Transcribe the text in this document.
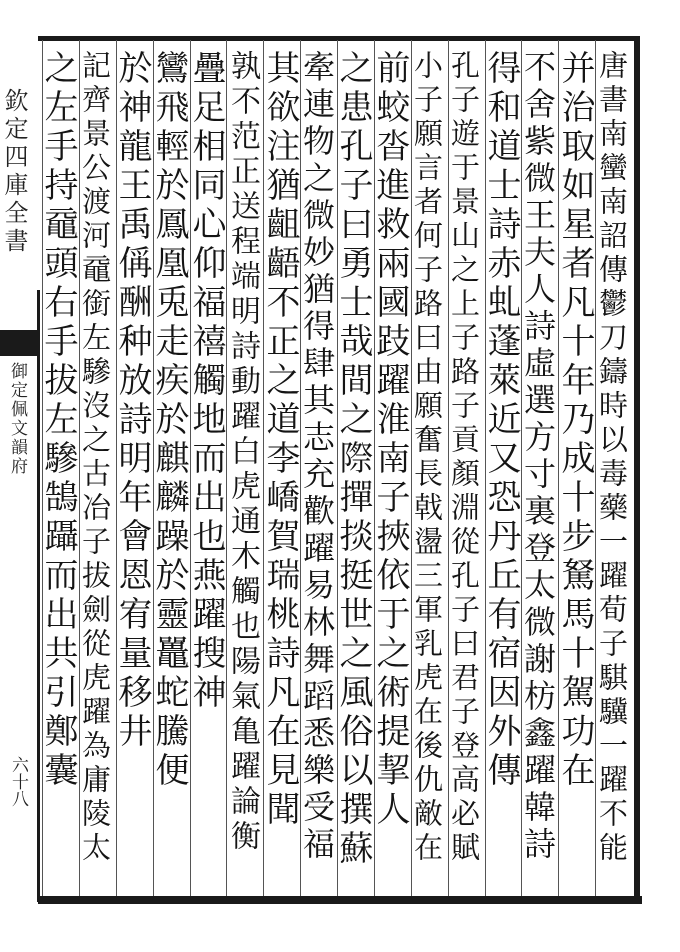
欽定四庫全書
御定佩文韻府
六十八	唐書南蠻南詔傳鬱刀鑄時以毒藥一躍荀子騏驥一躍不能
并治取如星者凡十年乃成十步駑馬十駕功在
不舍紫微王夫人詩虛選方寸裏登太微謝枋鑫躍韓詩
得和道士詩赤虬蓬萊近又恐丹丘有宿因外傳
孔子遊于景山之上子路子貢顏淵從孔子曰君子登高必賦
小子願言者何子路曰由願奮長戟盪三軍乳虎在後仇敵在
前蛟沓進救兩國跂躍淮南子挾依于之術提挈人
之患孔子曰勇士哉間之際撣掞挺世之風俗以撰蘇
牽連物之微妙猶得肆其志充歡躍易林舞蹈悉樂受福
其欲注猶齟齬不正之道李嶠賀瑞桃詩凡在見聞
孰不范正送程端明詩動躍白虎通木觸也陽氣亀躍論衡
疊足相同心仰福禧觸地而出也燕躍搜神
鸞飛輕於鳳凰兎走疾於麒麟躁於靈鼉蛇騰便
於神龍王禹偁酬种放詩明年會恩宥量移井
記齊景公渡河黿銜左驂沒之古冶子拔劍從虎躍為庸陵太
之左手持黿頭右手拔左驂鵠躡而出共引鄭囊
